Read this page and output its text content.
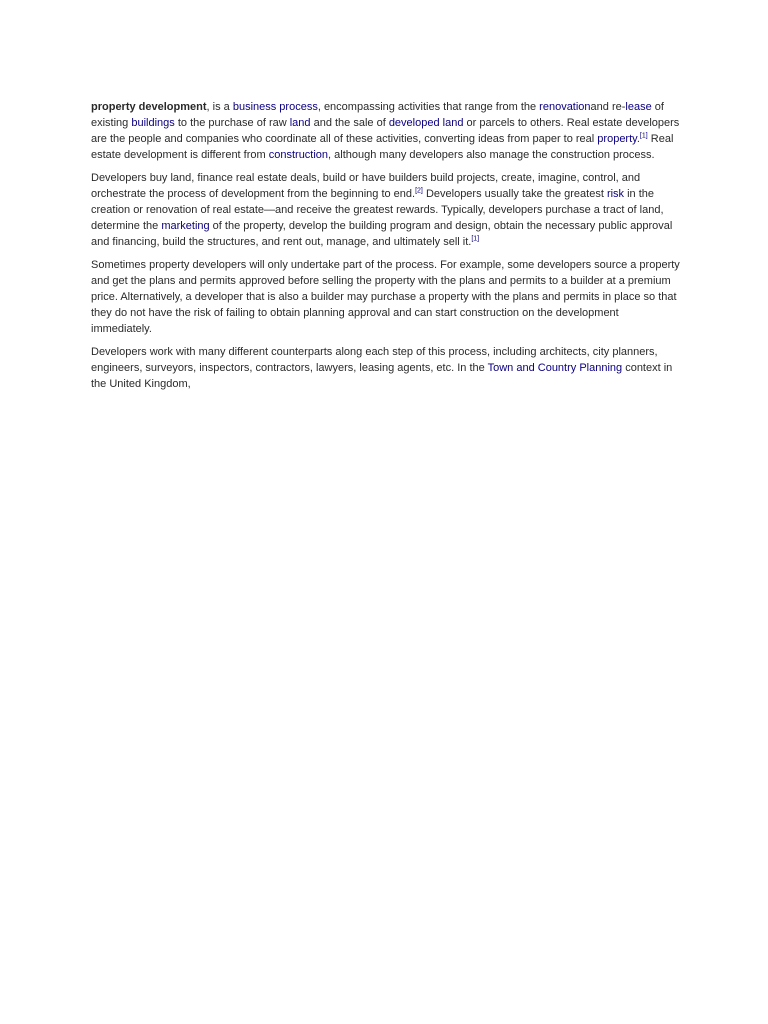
property development, is a business process, encompassing activities that range from the renovationand re-lease of existing buildings to the purchase of raw land and the sale of developed land or parcels to others. Real estate developers are the people and companies who coordinate all of these activities, converting ideas from paper to real property.[1] Real estate development is different from construction, although many developers also manage the construction process.

Developers buy land, finance real estate deals, build or have builders build projects, create, imagine, control, and orchestrate the process of development from the beginning to end.[2] Developers usually take the greatest risk in the creation or renovation of real estate—and receive the greatest rewards. Typically, developers purchase a tract of land, determine the marketing of the property, develop the building program and design, obtain the necessary public approval and financing, build the structures, and rent out, manage, and ultimately sell it.[1]

Sometimes property developers will only undertake part of the process. For example, some developers source a property and get the plans and permits approved before selling the property with the plans and permits to a builder at a premium price. Alternatively, a developer that is also a builder may purchase a property with the plans and permits in place so that they do not have the risk of failing to obtain planning approval and can start construction on the development immediately.

Developers work with many different counterparts along each step of this process, including architects, city planners, engineers, surveyors, inspectors, contractors, lawyers, leasing agents, etc. In the Town and Country Planning context in the United Kingdom,
